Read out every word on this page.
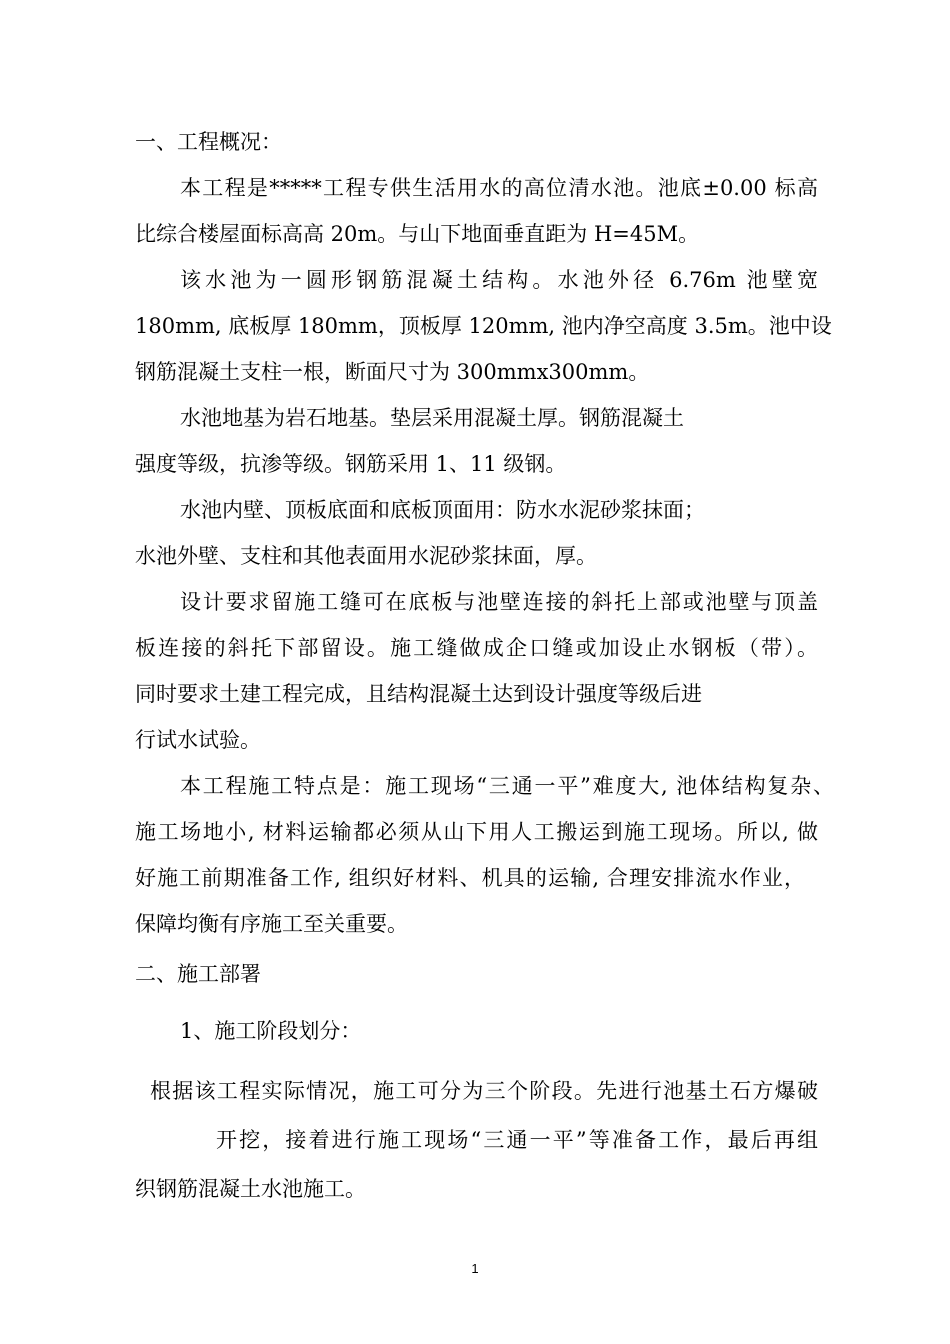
一、工程概况：
本工程是*****工程专供生活用水的高位清水池。池底±0.00 标高
比综合楼屋面标高高 20m。与山下地面垂直距为 H=45M。
该水池为一圆形钢筋混凝土结构。水池外径 6.76m 池壁宽
180mm, 底板厚 180mm，顶板厚 120mm, 池内净空高度 3.5m。池中设
钢筋混凝土支柱一根，断面尺寸为 300mmx300mm。
水池地基为岩石地基。垫层采用混凝土厚。钢筋混凝土
强度等级，抗渗等级。钢筋采用 1、11 级钢。
水池内壁、顶板底面和底板顶面用：防水水泥砂浆抹面；
水池外壁、支柱和其他表面用水泥砂浆抹面，厚。
设计要求留施工缝可在底板与池壁连接的斜托上部或池壁与顶盖
板连接的斜托下部留设。施工缝做成企口缝或加设止水钢板（带）。
同时要求土建工程完成，且结构混凝土达到设计强度等级后进
行试水试验。
本工程施工特点是：施工现场“三通一平”难度大, 池体结构复杂、
施工场地小, 材料运输都必须从山下用人工搬运到施工现场。所以, 做
好施工前期准备工作, 组织好材料、机具的运输, 合理安排流水作业，
保障均衡有序施工至关重要。
二、施工部署
1、施工阶段划分：
根据该工程实际情况，施工可分为三个阶段。先进行池基土石方爆破
开挖，接着进行施工现场“三通一平”等准备工作，最后再组
织钢筋混凝土水池施工。
1
